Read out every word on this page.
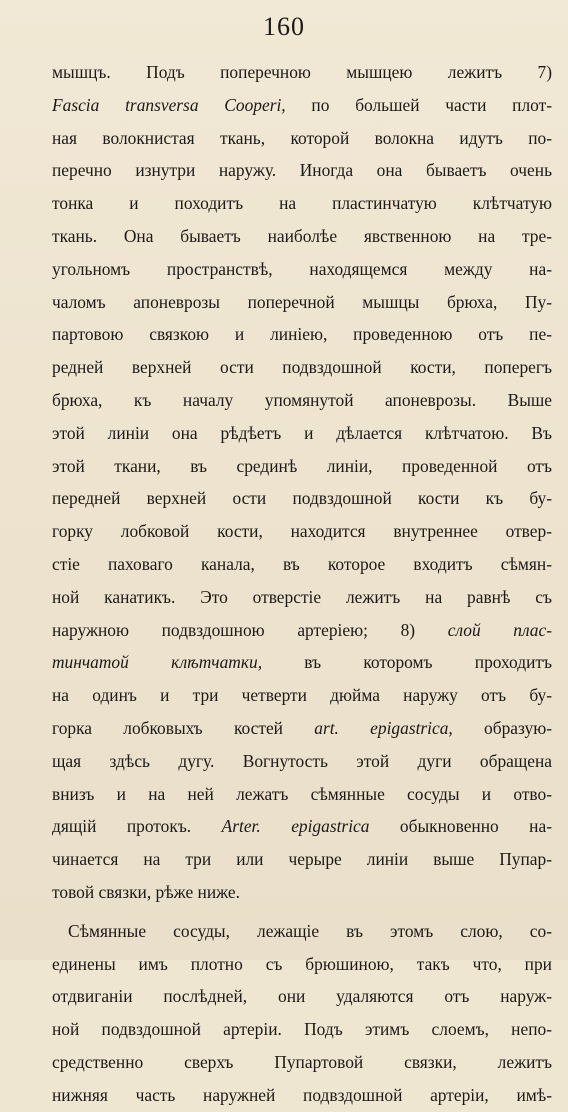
160
мышцъ. Подъ поперечною мышцею лежитъ 7)
Fascia transversa Cooperi, по большей части плот-
ная волокнистая ткань, которой волокна идутъ по-
перечно изнутри наружу. Иногда она бываетъ очень
тонка и походитъ на пластинчатую клѣтчатую
ткань. Она бываетъ наиболѣе явственною на тре-
угольномъ пространствѣ, находящемся между на-
чаломъ апоневрозы поперечной мышцы брюха, Пу-
партовою связкою и линіею, проведенною отъ пе-
редней верхней ости подвздошной кости, поперегъ
брюха, къ началу упомянутой апоневрозы. Выше
этой линіи она рѣдѣетъ и дѣлается клѣтчатою. Въ
этой ткани, въ срединѣ линіи, проведенной отъ
передней верхней ости подвздошной кости къ бу-
горку лобковой кости, находится внутреннее отвер-
стіе паховаго канала, въ которое входитъ сѣмян-
ной канатикъ. Это отверстіе лежитъ на равнѣ съ
наружною подвздошною артеріею; 8) слой плас-
тинчатой клѣтчатки, въ которомъ проходитъ
на одинъ и три четверти дюйма наружу отъ бу-
горка лобковыхъ костей art. epigastrica, образую-
щая здѣсь дугу. Вогнутость этой дуги обращена
внизъ и на ней лежатъ сѣмянные сосуды и отво-
дящій протокъ. Arter. epigastrica обыкновенно на-
чинается на три или черыре линіи выше Пупар-
товой связки, рѣже ниже.
Сѣмянные сосуды, лежащіе въ этомъ слою, со-
единены имъ плотно съ брюшиною, такъ что, при
отдвиганіи послѣдней, они удаляются отъ наруж-
ной подвздошной артеріи. Подъ этимъ слоемъ, непо-
средственно сверхъ Пупартовой связки, лежитъ
нижняя часть наружней подвздошной артеріи, имѣ-
